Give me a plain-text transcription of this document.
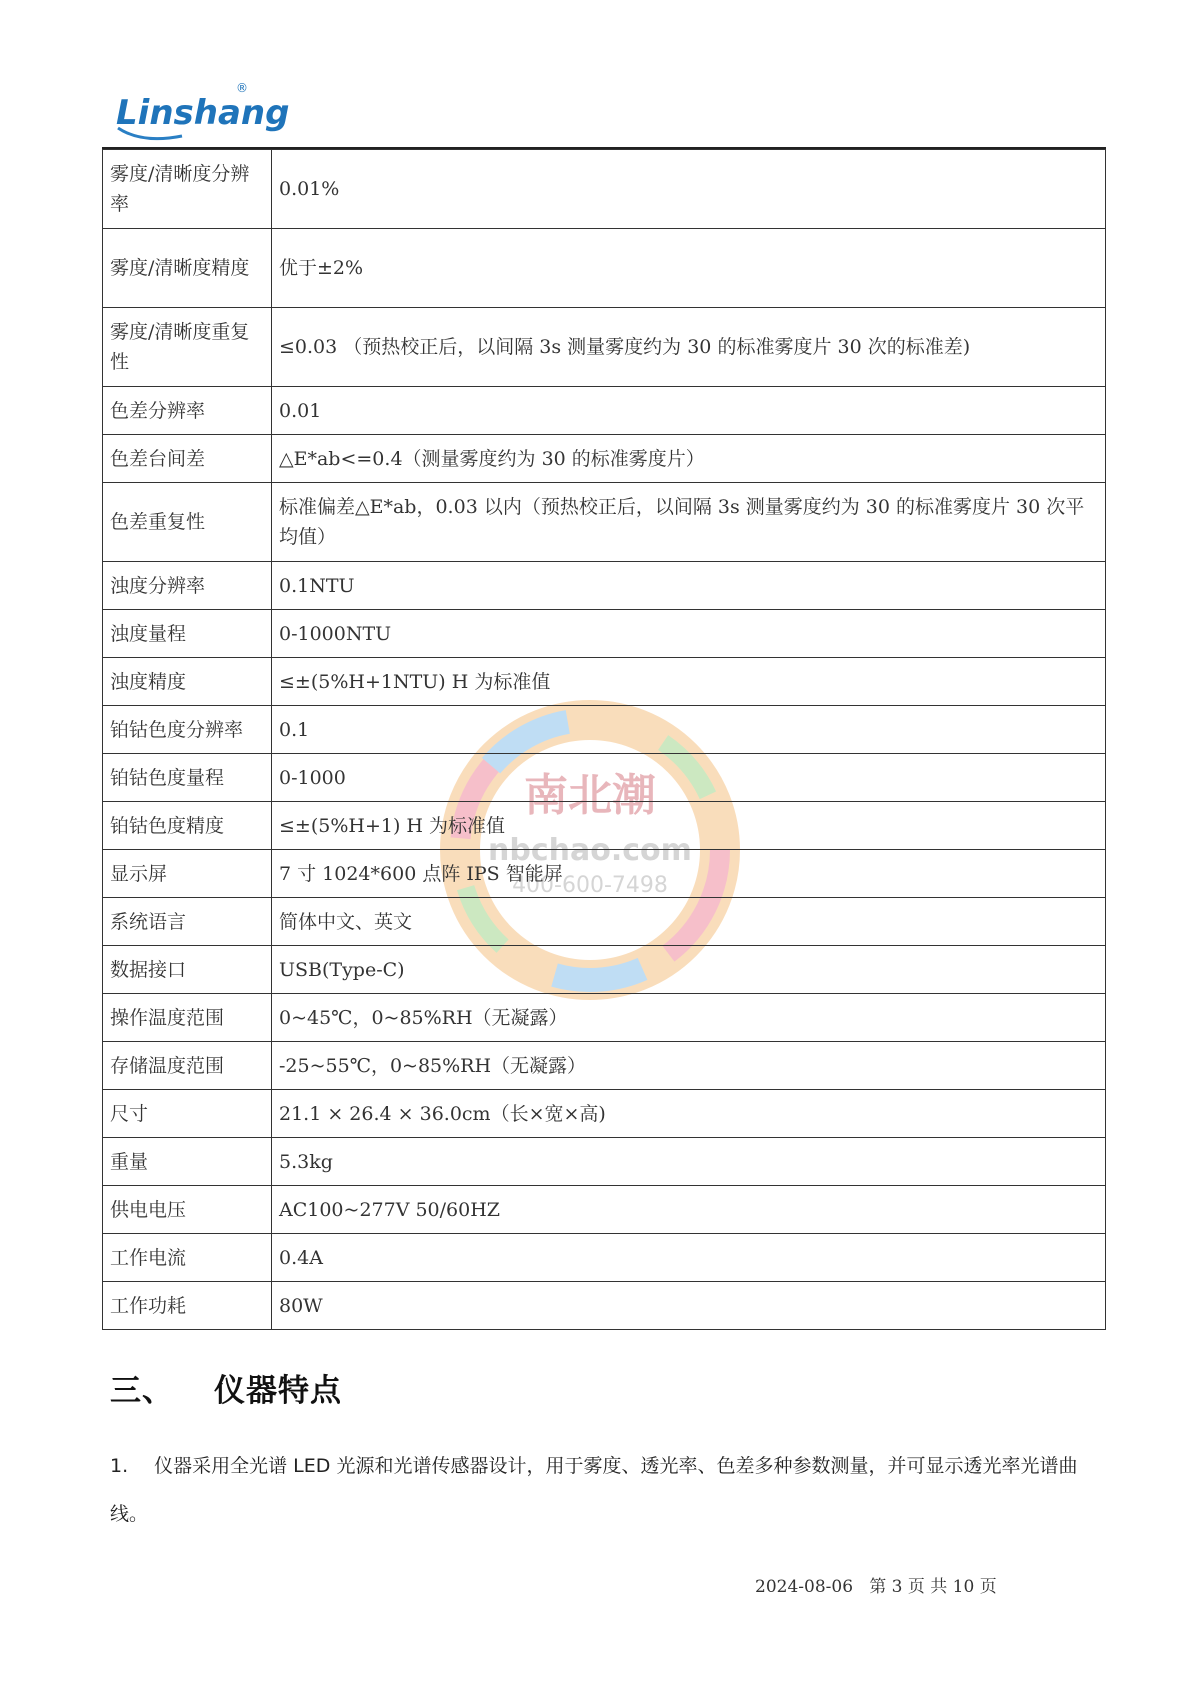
Linshang
®
南北潮
nbchao.com
400-600-7498
雾度/清晰度分辨率	0.01%
雾度/清晰度精度	优于±2%
雾度/清晰度重复性	≤0.03 （预热校正后，以间隔 3s 测量雾度约为 30 的标准雾度片 30 次的标准差)
色差分辨率	0.01
色差台间差	△E*ab<=0.4（测量雾度约为 30 的标准雾度片）
色差重复性	标准偏差△E*ab，0.03 以内（预热校正后，以间隔 3s 测量雾度约为 30 的标准雾度片 30 次平均值）
浊度分辨率	0.1NTU
浊度量程	0-1000NTU
浊度精度	≤±(5%H+1NTU) H 为标准值
铂钴色度分辨率	0.1
铂钴色度量程	0-1000
铂钴色度精度	≤±(5%H+1) H 为标准值
显示屏	7 寸 1024*600 点阵 IPS 智能屏
系统语言	简体中文、英文
数据接口	USB(Type-C)
操作温度范围	0~45℃，0~85%RH（无凝露）
存储温度范围	-25~55℃，0~85%RH（无凝露）
尺寸	21.1 × 26.4 × 36.0cm（长×宽×高)
重量	5.3kg
供电电压	AC100~277V 50/60HZ
工作电流	0.4A
工作功耗	80W
三、 仪器特点

1. 仪器采用全光谱 LED 光源和光谱传感器设计，用于雾度、透光率、色差多种参数测量，并可显示透光率光谱曲线。

2024-08-06 第 3 页 共 10 页
